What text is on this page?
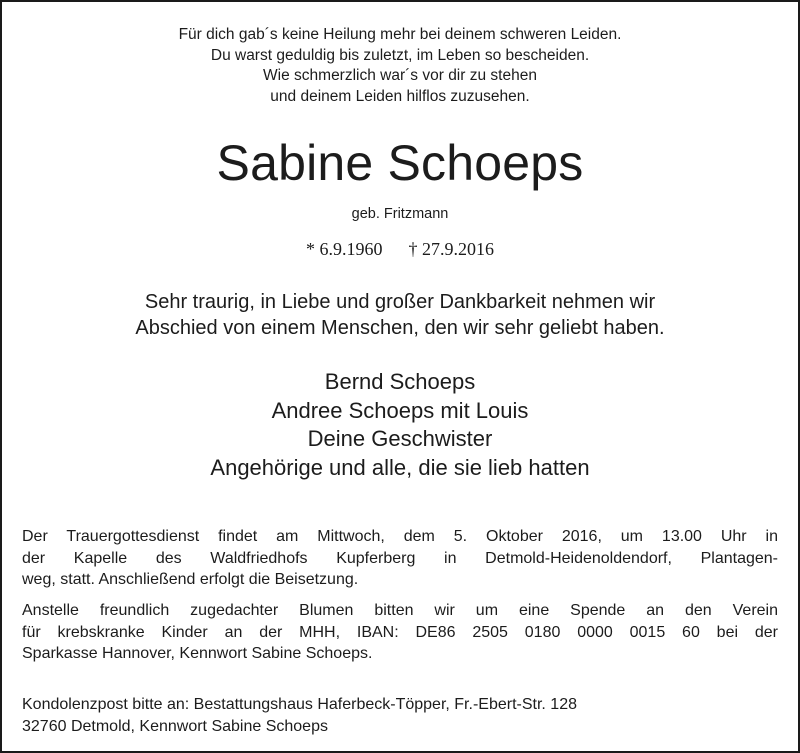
Für dich gab´s keine Heilung mehr bei deinem schweren Leiden.
Du warst geduldig bis zuletzt, im Leben so bescheiden.
Wie schmerzlich war´s vor dir zu stehen
und deinem Leiden hilflos zuzusehen.
Sabine Schoeps
geb. Fritzmann
* 6.9.1960 † 27.9.2016
Sehr traurig, in Liebe und großer Dankbarkeit nehmen wir
Abschied von einem Menschen, den wir sehr geliebt haben.
Bernd Schoeps
Andree Schoeps mit Louis
Deine Geschwister
Angehörige und alle, die sie lieb hatten
Der Trauergottesdienst findet am Mittwoch, dem 5. Oktober 2016, um 13.00 Uhr in
der Kapelle des Waldfriedhofs Kupferberg in Detmold-Heidenoldendorf, Plantagen-
weg, statt. Anschließend erfolgt die Beisetzung.
Anstelle freundlich zugedachter Blumen bitten wir um eine Spende an den Verein
für krebskranke Kinder an der MHH, IBAN: DE86 2505 0180 0000 0015 60 bei der
Sparkasse Hannover, Kennwort Sabine Schoeps.
Kondolenzpost bitte an: Bestattungshaus Haferbeck-Töpper, Fr.-Ebert-Str. 128
32760 Detmold, Kennwort Sabine Schoeps
